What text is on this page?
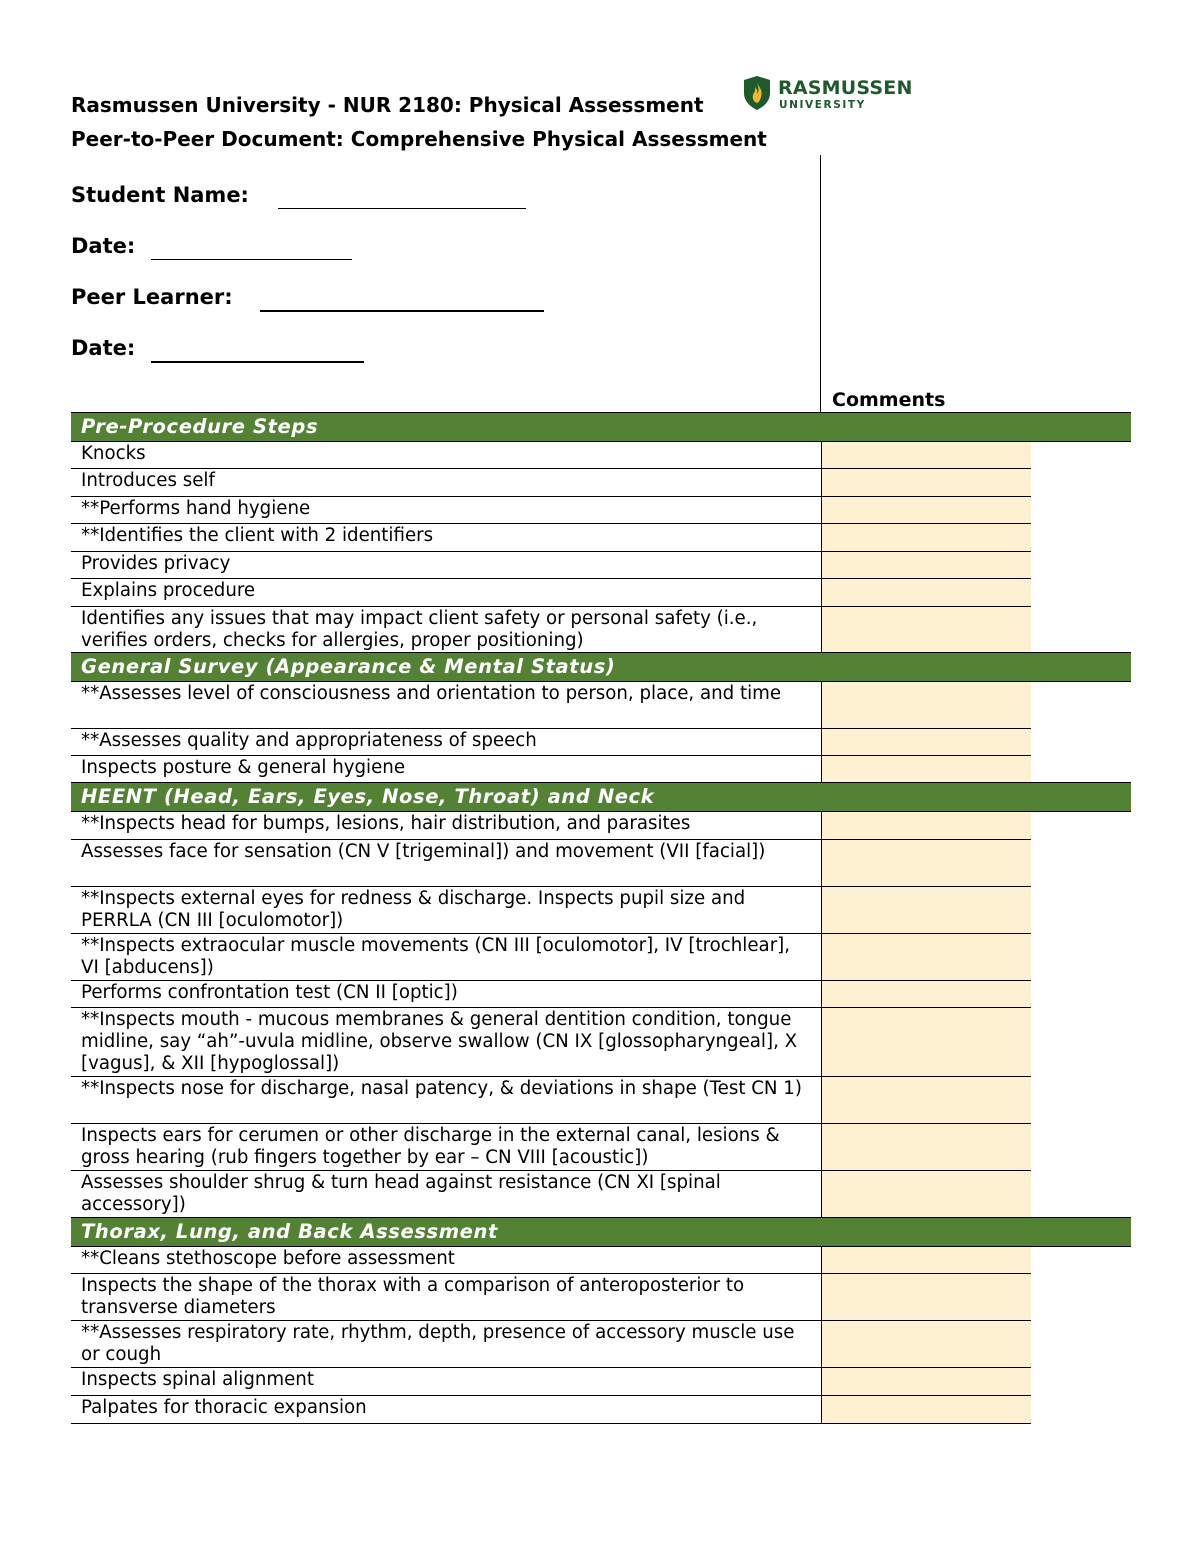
Rasmussen University - NUR 2180: Physical Assessment
Peer-to-Peer Document: Comprehensive Physical Assessment
RASMUSSEN
UNIVERSITY
Student Name:
Date:
Peer Learner:
Date:
Comments
Pre-Procedure Steps		
Knocks		
Introduces self		
**Performs hand hygiene		
**Identifies the client with 2 identifiers		
Provides privacy		
Explains procedure		
Identifies any issues that may impact client safety or personal safety (i.e., verifies orders, checks for allergies, proper positioning)		
General Survey (Appearance & Mental Status)		
**Assesses level of consciousness and orientation to person, place, and time		
**Assesses quality and appropriateness of speech		
Inspects posture & general hygiene		
HEENT (Head, Ears, Eyes, Nose, Throat) and Neck		
**Inspects head for bumps, lesions, hair distribution, and parasites		
Assesses face for sensation (CN V [trigeminal]) and movement (VII [facial])		
**Inspects external eyes for redness & discharge. Inspects pupil size and PERRLA (CN III [oculomotor])		
**Inspects extraocular muscle movements (CN III [oculomotor], IV [trochlear], VI [abducens])		
Performs confrontation test (CN II [optic])		
**Inspects mouth - mucous membranes & general dentition condition, tongue midline, say “ah”-uvula midline, observe swallow (CN IX [glossopharyngeal], X [vagus], & XII [hypoglossal])		
**Inspects nose for discharge, nasal patency, & deviations in shape (Test CN 1)		
Inspects ears for cerumen or other discharge in the external canal, lesions & gross hearing (rub fingers together by ear – CN VIII [acoustic])		
Assesses shoulder shrug & turn head against resistance (CN XI [spinal accessory])		
Thorax, Lung, and Back Assessment		
**Cleans stethoscope before assessment		
Inspects the shape of the thorax with a comparison of anteroposterior to transverse diameters		
**Assesses respiratory rate, rhythm, depth, presence of accessory muscle use or cough		
Inspects spinal alignment		
Palpates for thoracic expansion		
